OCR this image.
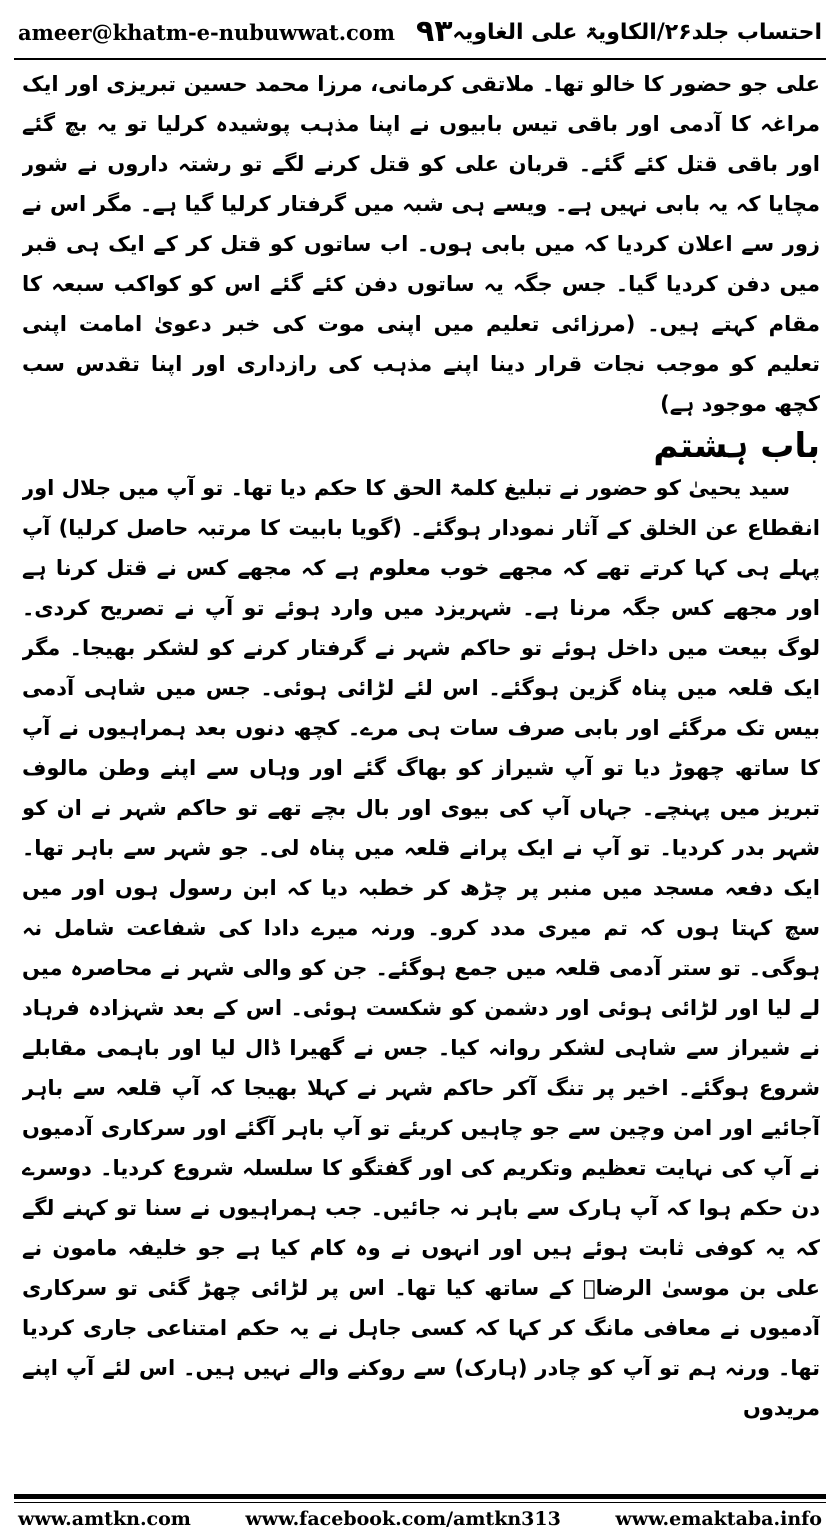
ameer@khatm-e-nubuwwat.com ۹۳ احتساب جلد۲۶/الکاویۃ علی الغاویہ

علی جو حضور کا خالو تھا۔ ملاتقی کرمانی، مرزا محمد حسین تبریزی اور ایک مراغہ کا آدمی اور باقی تیس بابیوں نے اپنا مذہب پوشیدہ کرلیا تو یہ بچ گئے اور باقی قتل کئے گئے۔ قربان علی کو قتل کرنے لگے تو رشتہ داروں نے شور مچایا کہ یہ بابی نہیں ہے۔ ویسے ہی شبہ میں گرفتار کرلیا گیا ہے۔ مگر اس نے زور سے اعلان کردیا کہ میں بابی ہوں۔ اب ساتوں کو قتل کر کے ایک ہی قبر میں دفن کردیا گیا۔ جس جگہ یہ ساتوں دفن کئے گئے اس کو کواکب سبعہ کا مقام کہتے ہیں۔ (مرزائی تعلیم میں اپنی موت کی خبر دعویٰ امامت اپنی تعلیم کو موجب نجات قرار دینا اپنے مذہب کی رازداری اور اپنا تقدس سب کچھ موجود ہے)

باب ہشتم

سید یحییٰ کو حضور نے تبلیغ کلمۃ الحق کا حکم دیا تھا۔ تو آپ میں جلال اور انقطاع عن الخلق کے آثار نمودار ہوگئے۔ (گویا بابیت کا مرتبہ حاصل کرلیا) آپ پہلے ہی کہا کرتے تھے کہ مجھے خوب معلوم ہے کہ مجھے کس نے قتل کرنا ہے اور مجھے کس جگہ مرنا ہے۔ شہریزد میں وارد ہوئے تو آپ نے تصریح کردی۔ لوگ بیعت میں داخل ہوئے تو حاکم شہر نے گرفتار کرنے کو لشکر بھیجا۔ مگر ایک قلعہ میں پناہ گزین ہوگئے۔ اس لئے لڑائی ہوئی۔ جس میں شاہی آدمی بیس تک مرگئے اور بابی صرف سات ہی مرے۔ کچھ دنوں بعد ہمراہیوں نے آپ کا ساتھ چھوڑ دیا تو آپ شیراز کو بھاگ گئے اور وہاں سے اپنے وطن مالوف تبریز میں پہنچے۔ جہاں آپ کی بیوی اور بال بچے تھے تو حاکم شہر نے ان کو شہر بدر کردیا۔ تو آپ نے ایک پرانے قلعہ میں پناہ لی۔ جو شہر سے باہر تھا۔ ایک دفعہ مسجد میں منبر پر چڑھ کر خطبہ دیا کہ ابن رسول ہوں اور میں سچ کہتا ہوں کہ تم میری مدد کرو۔ ورنہ میرے دادا کی شفاعت شامل نہ ہوگی۔ تو ستر آدمی قلعہ میں جمع ہوگئے۔ جن کو والی شہر نے محاصرہ میں لے لیا اور لڑائی ہوئی اور دشمن کو شکست ہوئی۔ اس کے بعد شہزادہ فرہاد نے شیراز سے شاہی لشکر روانہ کیا۔ جس نے گھیرا ڈال لیا اور باہمی مقابلے شروع ہوگئے۔ اخیر پر تنگ آکر حاکم شہر نے کہلا بھیجا کہ آپ قلعہ سے باہر آجائیے اور امن وچین سے جو چاہیں کریئے تو آپ باہر آگئے اور سرکاری آدمیوں نے آپ کی نہایت تعظیم وتکریم کی اور گفتگو کا سلسلہ شروع کردیا۔ دوسرے دن حکم ہوا کہ آپ ہارک سے باہر نہ جائیں۔ جب ہمراہیوں نے سنا تو کہنے لگے کہ یہ کوفی ثابت ہوئے ہیں اور انہوں نے وہ کام کیا ہے جو خلیفہ مامون نے علی بن موسیٰ الرضاؒ کے ساتھ کیا تھا۔ اس پر لڑائی چھڑ گئی تو سرکاری آدمیوں نے معافی مانگ کر کہا کہ کسی جاہل نے یہ حکم امتناعی جاری کردیا تھا۔ ورنہ ہم تو آپ کو چادر (ہارک) سے روکنے والے نہیں ہیں۔ اس لئے آپ اپنے مریدوں

www.amtkn.com	www.facebook.com/amtkn313	www.emaktaba.info
